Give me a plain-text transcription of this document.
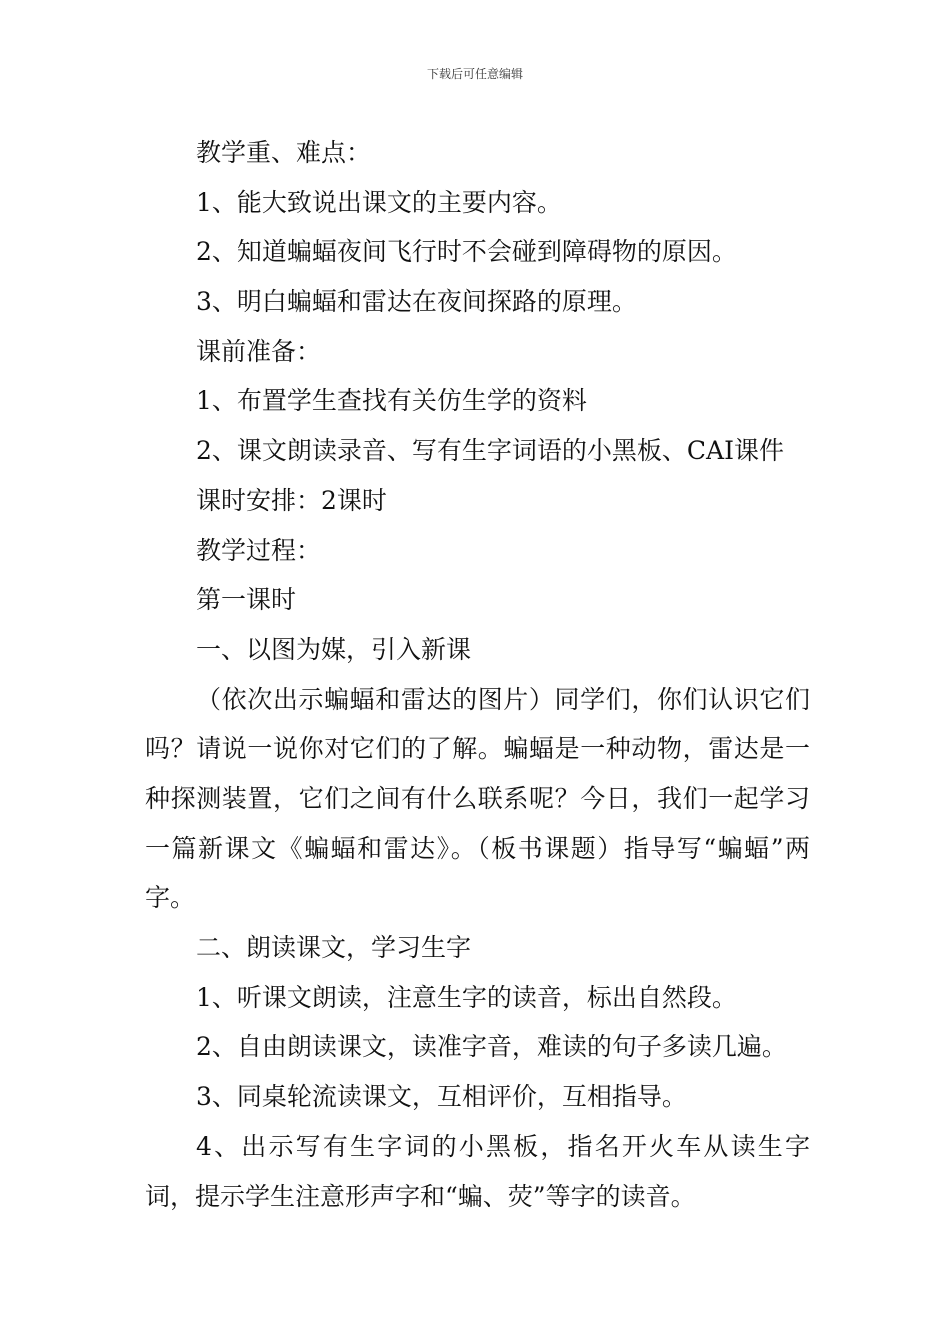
下载后可任意编辑
教学重、难点：
1、能大致说出课文的主要内容。
2、知道蝙蝠夜间飞行时不会碰到障碍物的原因。
3、明白蝙蝠和雷达在夜间探路的原理。
课前准备：
1、布置学生查找有关仿生学的资料
2、课文朗读录音、写有生字词语的小黑板、CAI课件
课时安排：2课时
教学过程：
第一课时
一、以图为媒，引入新课

（依次出示蝙蝠和雷达的图片）同学们，你们认识它们吗？请说一说你对它们的了解。蝙蝠是一种动物，雷达是一种探测装置，它们之间有什么联系呢？今日，我们一起学习一篇新课文《蝙蝠和雷达》。（板书课题）指导写“蝙蝠”两字。

二、朗读课文，学习生字
1、听课文朗读，注意生字的读音，标出自然段。
2、自由朗读课文，读准字音，难读的句子多读几遍。
3、同桌轮流读课文，互相评价，互相指导。

4、出示写有生字词的小黑板，指名开火车从读生字词，提示学生注意形声字和“蝙、荧”等字的读音。
